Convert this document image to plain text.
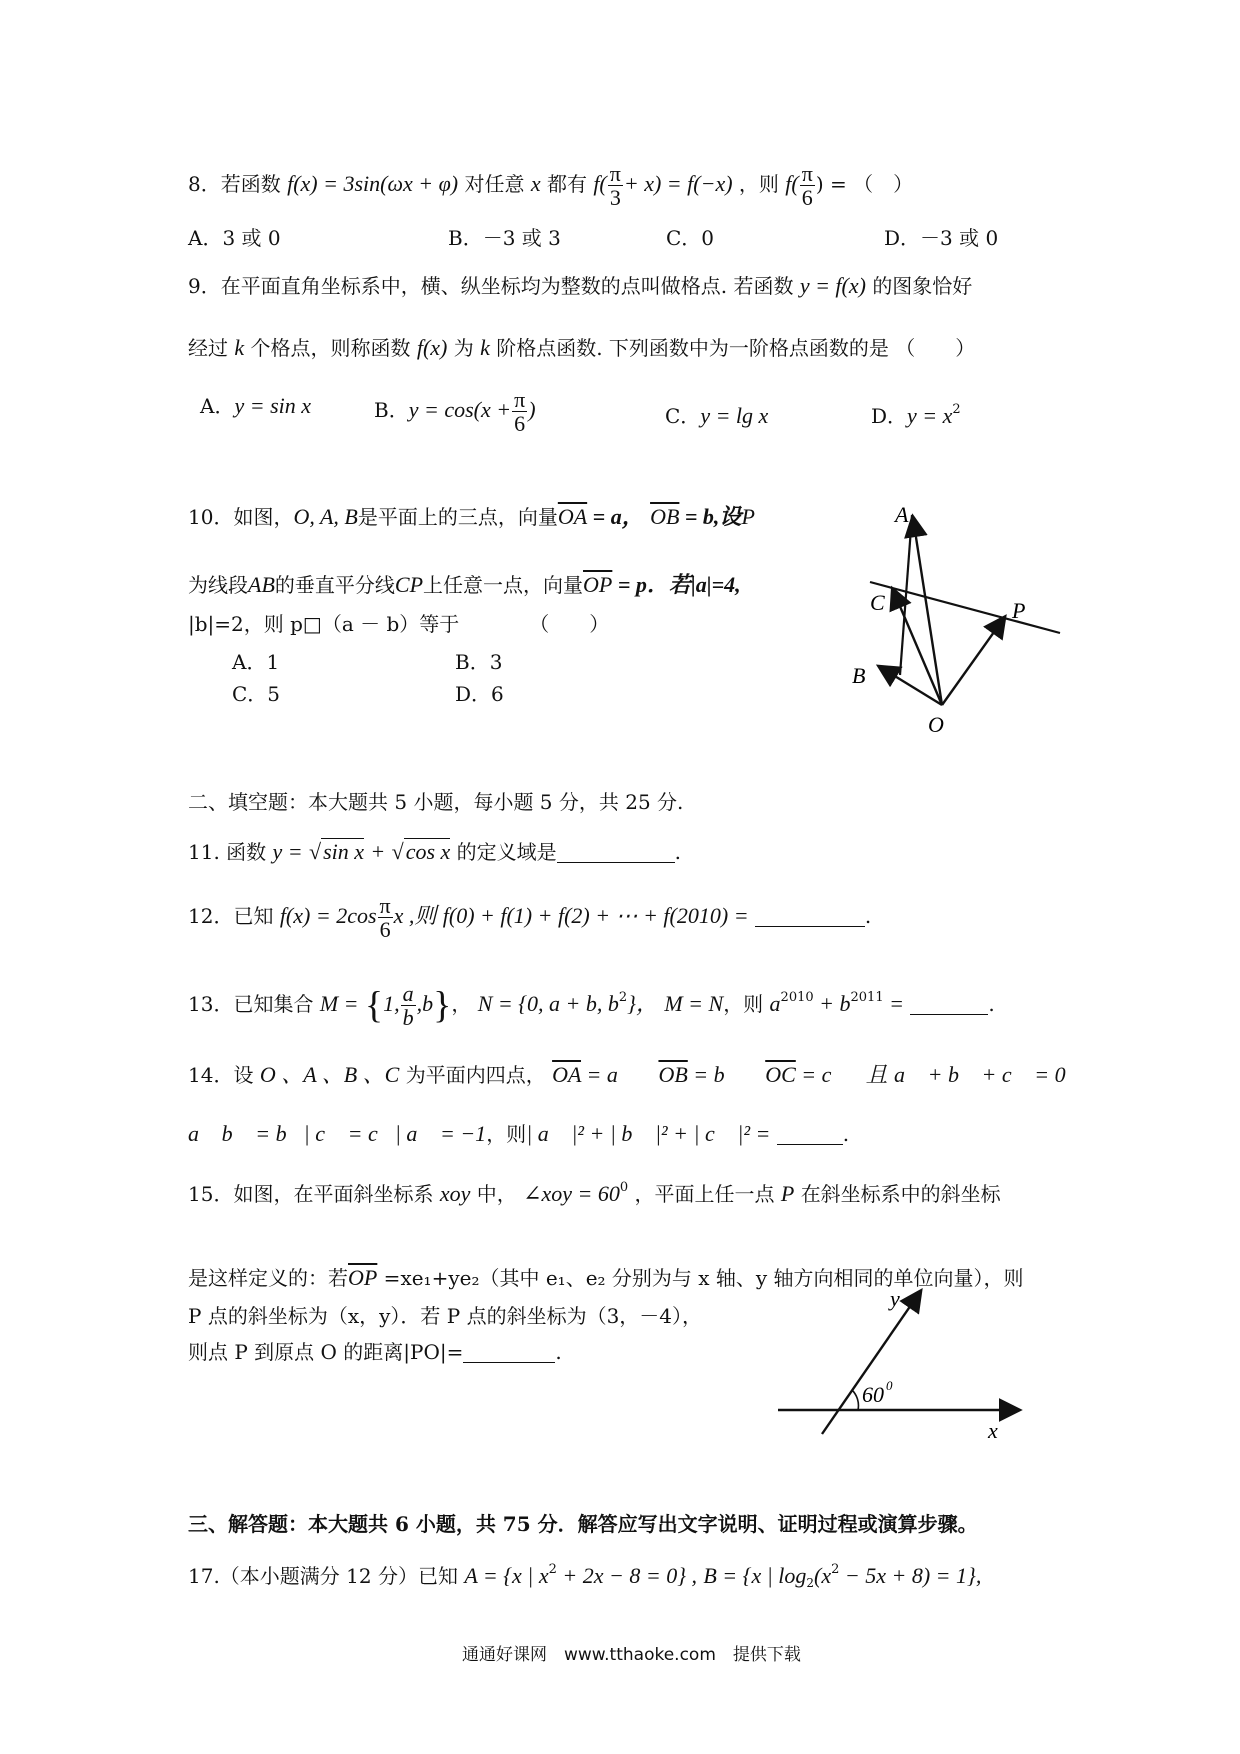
8．若函数 f(x) = 3sin(ωx + φ) 对任意 x 都有 $f( \frac{\pi}{3} + x) = f(-x)$ ，则 $f( \frac{\pi}{6}$ ) = （　）
A．3 或 0	B．－3 或 3	C．0	D．－3 或 0
9．在平面直角坐标系中，横、纵坐标均为整数的点叫做格点. 若函数 y = f(x) 的图象恰好
经过 k 个格点，则称函数 f(x) 为 k 阶格点函数. 下列函数中为一阶格点函数的是 （　　）
A．y = sin x	B．$y = \cos(x + \frac{\pi}{6}$ )	C．y = lg x	D．$y = x^2$
10．如图，O, A, B是平面上的三点，向量$\overline{OA} = a$， $\overline{OB} = b$,设P
为线段AB的垂直平分线CP上任意一点，向量$\overline{OP} = p$．若|a|=4,
|b|=2，则 p□（a － b）等于　　　　（　　）
A．1	B．3
C．5	D．6
A
C	P
B
O
二、填空题：本大题共 5 小题，每小题 5 分，共 25 分.
11. 函数 y = √sin x + √cos x 的定义域是	.
12．已知 $f(x) = 2\cos \frac{\pi}{6}$ x ,则 f(0) + f(1) + f(2) + ⋯ + f(2010) =	.
13．已知集合 M = {1, $\frac{a}{b} ,b$}， N = {0, a + b, $b^2$}， M = N，则 $a^{2010} + b^{2011}$ =	.
14．设 O 、A 、B 、C 为平面内四点， $\overline{OA}$ = a⃗， $\overline{OB}$ = b⃗， $\overline{OC}$ = c⃗，且 a⃗ + b⃗ + c⃗ = 0⃗，
a⃗ b⃗ = b⃗| c⃗ = c⃗| a⃗ = −1，则| a⃗ |² + | b⃗ |² + | c⃗ |² =	.
15．如图，在平面斜坐标系 xoy 中， ∠xoy = $60^0$ ，平面上任一点 P 在斜坐标系中的斜坐标
是这样定义的：若$\overline{OP} =xe_1+ye_2$（其中 e₁、e₂ 分别为与 x 轴、y 轴方向相同的单位向量），则
P 点的斜坐标为（x，y）．若 P 点的斜坐标为（3，－4），
则点 P 到原点 O 的距离|PO|=	.
y
x
60 0
三、解答题：本大题共 6 小题，共 75 分．解答应写出文字说明、证明过程或演算步骤。
17.（本小题满分 12 分）已知 A = {x | $x^2 + 2x - 8 = 0$} , B = {x | $\log_2(x^2 - 5x + 8) = 1$},
通通好课网　www.tthaoke.com　提供下载
